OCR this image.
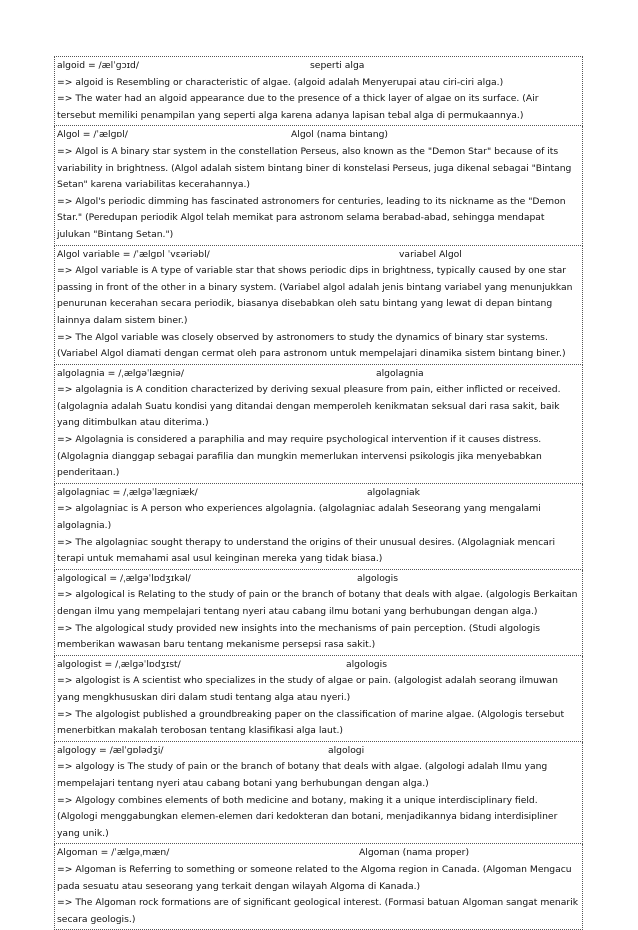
algoid = /ælˈɡɔɪd/	seperti alga

=> algoid is Resembling or characteristic of algae. (algoid adalah Menyerupai atau ciri-ciri alga.)

=> The water had an algoid appearance due to the presence of a thick layer of algae on its surface. (Air tersebut memiliki penampilan yang seperti alga karena adanya lapisan tebal alga di permukaannya.)

Algol = /ˈælɡɒl/	Algol (nama bintang)

=> Algol is A binary star system in the constellation Perseus, also known as the "Demon Star" because of its variability in brightness. (Algol adalah sistem bintang biner di konstelasi Perseus, juga dikenal sebagai "Bintang Setan" karena variabilitas kecerahannya.)

=> Algol's periodic dimming has fascinated astronomers for centuries, leading to its nickname as the "Demon Star." (Peredupan periodik Algol telah memikat para astronom selama berabad-abad, sehingga mendapat julukan "Bintang Setan.")

Algol variable = /ˈælɡɒl ˈvɛəriəbl/	variabel Algol

=> Algol variable is A type of variable star that shows periodic dips in brightness, typically caused by one star passing in front of the other in a binary system. (Variabel algol adalah jenis bintang variabel yang menunjukkan penurunan kecerahan secara periodik, biasanya disebabkan oleh satu bintang yang lewat di depan bintang lainnya dalam sistem biner.)

=> The Algol variable was closely observed by astronomers to study the dynamics of binary star systems. (Variabel Algol diamati dengan cermat oleh para astronom untuk mempelajari dinamika sistem bintang biner.)

algolagnia = /ˌælɡəˈlæɡniə/	algolagnia

=> algolagnia is A condition characterized by deriving sexual pleasure from pain, either inflicted or received. (algolagnia adalah Suatu kondisi yang ditandai dengan memperoleh kenikmatan seksual dari rasa sakit, baik yang ditimbulkan atau diterima.)

=> Algolagnia is considered a paraphilia and may require psychological intervention if it causes distress. (Algolagnia dianggap sebagai parafilia dan mungkin memerlukan intervensi psikologis jika menyebabkan penderitaan.)

algolagniac = /ˌælɡəˈlæɡniæk/	algolagniak

=> algolagniac is A person who experiences algolagnia. (algolagniac adalah Seseorang yang mengalami algolagnia.)

=> The algolagniac sought therapy to understand the origins of their unusual desires. (Algolagniak mencari terapi untuk memahami asal usul keinginan mereka yang tidak biasa.)

algological = /ˌælɡəˈlɒdʒɪkəl/	algologis

=> algological is Relating to the study of pain or the branch of botany that deals with algae. (algologis Berkaitan dengan ilmu yang mempelajari tentang nyeri atau cabang ilmu botani yang berhubungan dengan alga.)

=> The algological study provided new insights into the mechanisms of pain perception. (Studi algologis memberikan wawasan baru tentang mekanisme persepsi rasa sakit.)

algologist = /ˌælɡəˈlɒdʒɪst/	algologis

=> algologist is A scientist who specializes in the study of algae or pain. (algologist adalah seorang ilmuwan yang mengkhususkan diri dalam studi tentang alga atau nyeri.)

=> The algologist published a groundbreaking paper on the classification of marine algae. (Algologis tersebut menerbitkan makalah terobosan tentang klasifikasi alga laut.)

algology = /ælˈɡɒlədʒi/	algologi

=> algology is The study of pain or the branch of botany that deals with algae. (algologi adalah Ilmu yang mempelajari tentang nyeri atau cabang botani yang berhubungan dengan alga.)

=> Algology combines elements of both medicine and botany, making it a unique interdisciplinary field. (Algologi menggabungkan elemen-elemen dari kedokteran dan botani, menjadikannya bidang interdisipliner yang unik.)

Algoman = /ˈælɡəˌmæn/	Algoman (nama proper)

=> Algoman is Referring to something or someone related to the Algoma region in Canada. (Algoman Mengacu pada sesuatu atau seseorang yang terkait dengan wilayah Algoma di Kanada.)

=> The Algoman rock formations are of significant geological interest. (Formasi batuan Algoman sangat menarik secara geologis.)
